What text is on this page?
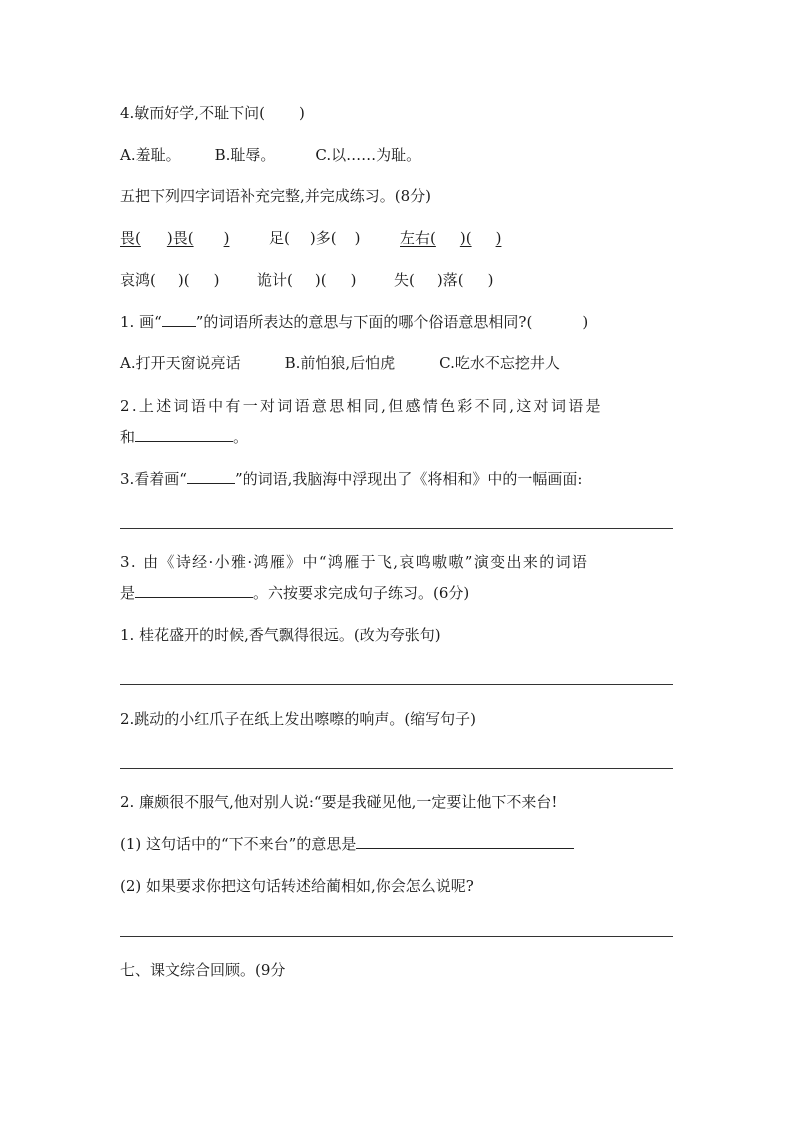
4.敏而好学,不耻下问( )
A.羞耻。 B.耻辱。	C.以……为耻。
五把下列四字词语补充完整,并完成练习。(8分)
畏( )畏( )	足( )多( )	左右( )( )
哀鸿( )( )	诡计( )( )	失( )落( )
1. 画“ ”的词语所表达的意思与下面的哪个俗语意思相同?(	)
A.打开天窗说亮话	B.前怕狼,后怕虎	C.吃水不忘挖井人
2.上述词语中有一对词语意思相同,但感情色彩不同,这对词语是
和	。
3.看着画“	”的词语,我脑海中浮现出了《将相和》中的一幅画面:
3. 由《诗经·小雅·鸿雁》中“鸿雁于飞,哀鸣嗷嗷”演变出来的词语
是	。六按要求完成句子练习。(6分)
1. 桂花盛开的时候,香气飘得很远。(改为夸张句)
2.跳动的小红爪子在纸上发出嚓嚓的响声。(缩写句子)
2. 廉颇很不服气,他对别人说:“要是我碰见他,一定要让他下不来台!
(1) 这句话中的“下不来台”的意思是
(2) 如果要求你把这句话转述给蔺相如,你会怎么说呢?
七、课文综合回顾。(9分
